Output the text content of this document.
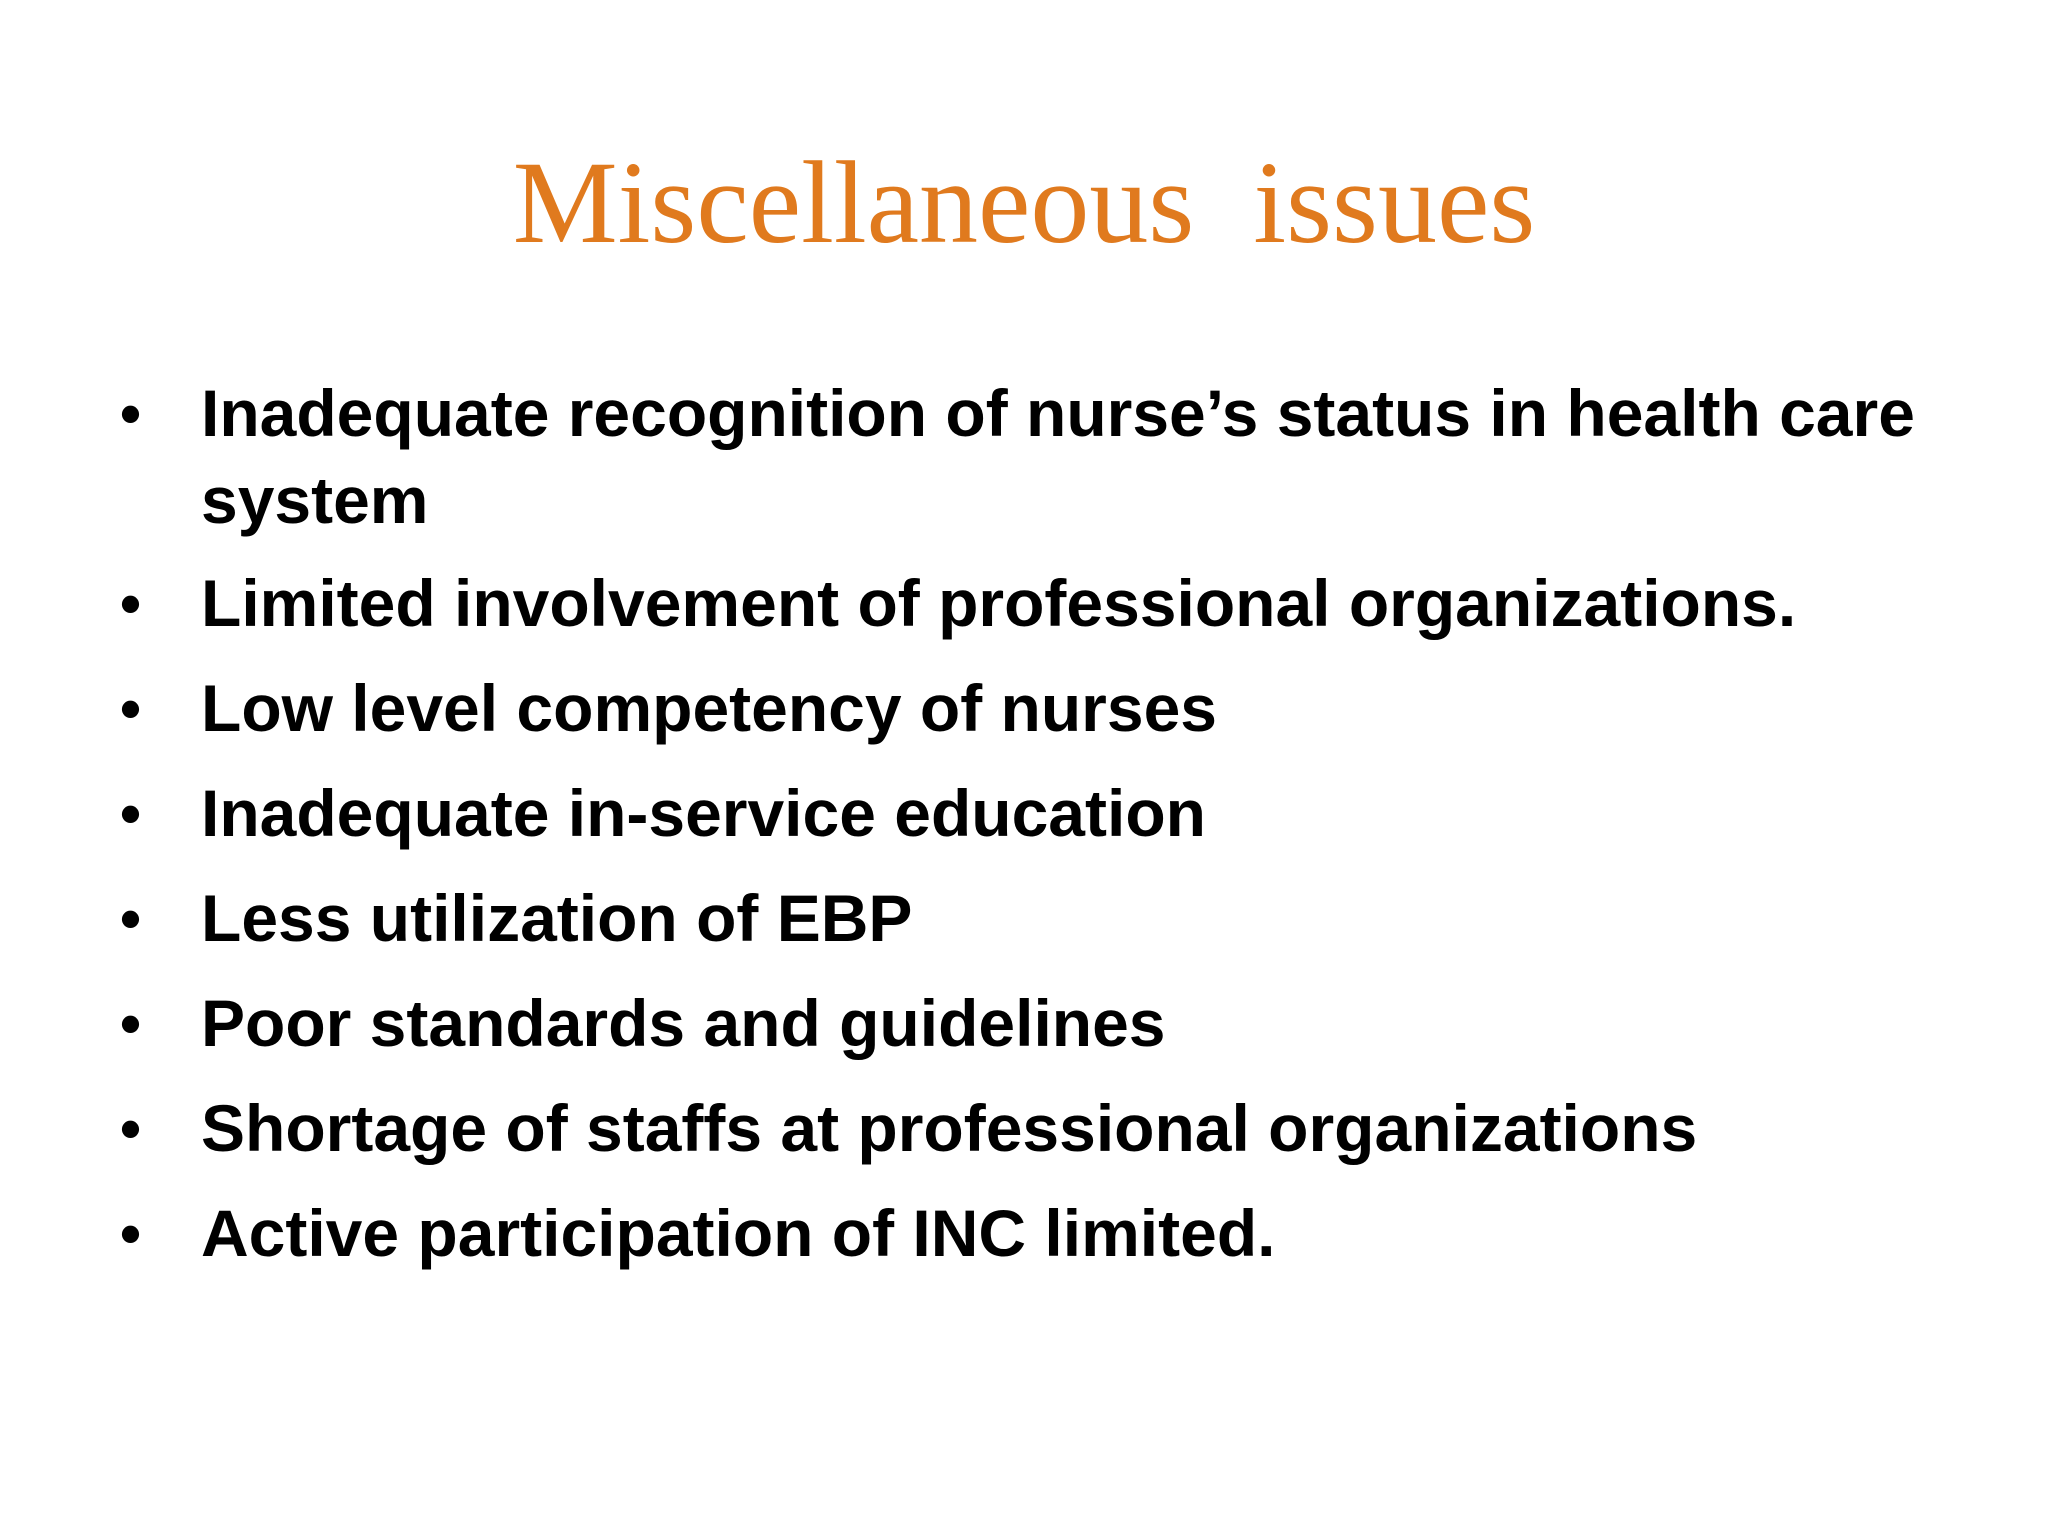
Miscellaneous  issues
• Inadequate recognition of nurse’s status in health care system
• Limited involvement of professional organizations.
• Low level competency of nurses
• Inadequate in-service education
• Less utilization of EBP
• Poor standards and guidelines
• Shortage of staffs at professional organizations
• Active participation of INC limited.
